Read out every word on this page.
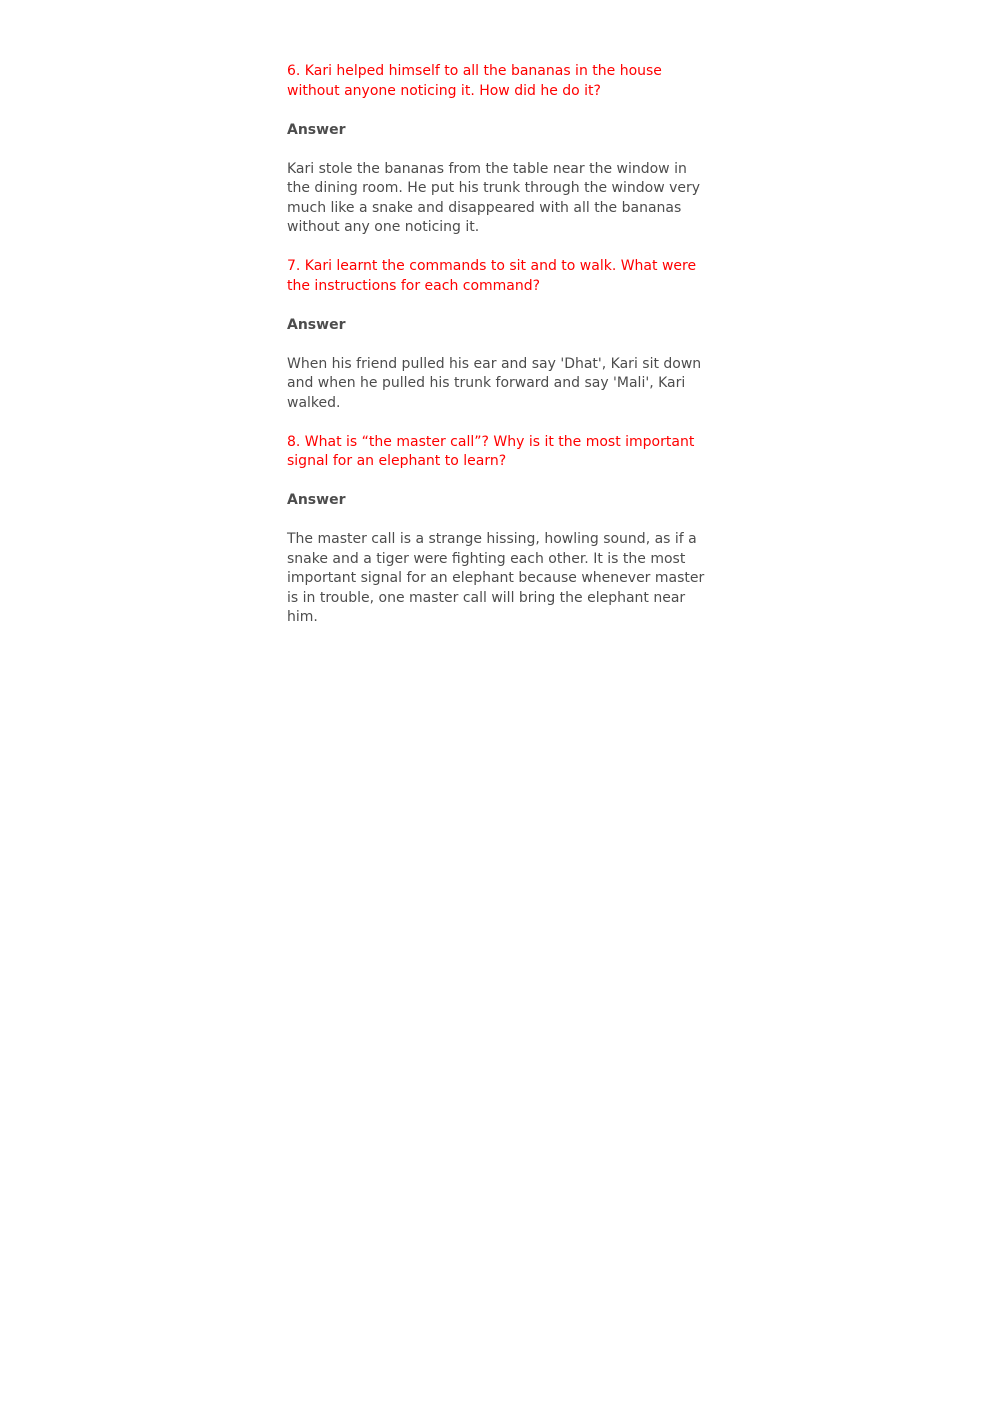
6. Kari helped himself to all the bananas in the house without anyone noticing it. How did he do it?

Answer

Kari stole the bananas from the table near the window in the dining room. He put his trunk through the window very much like a snake and disappeared with all the bananas without any one noticing it.

7. Kari learnt the commands to sit and to walk. What were the instructions for each command?

Answer

When his friend pulled his ear and say 'Dhat', Kari sit down and when he pulled his trunk forward and say 'Mali', Kari walked.

8. What is “the master call”? Why is it the most important signal for an elephant to learn?

Answer

The master call is a strange hissing, howling sound, as if a snake and a tiger were fighting each other. It is the most important signal for an elephant because whenever master is in trouble, one master call will bring the elephant near him.
